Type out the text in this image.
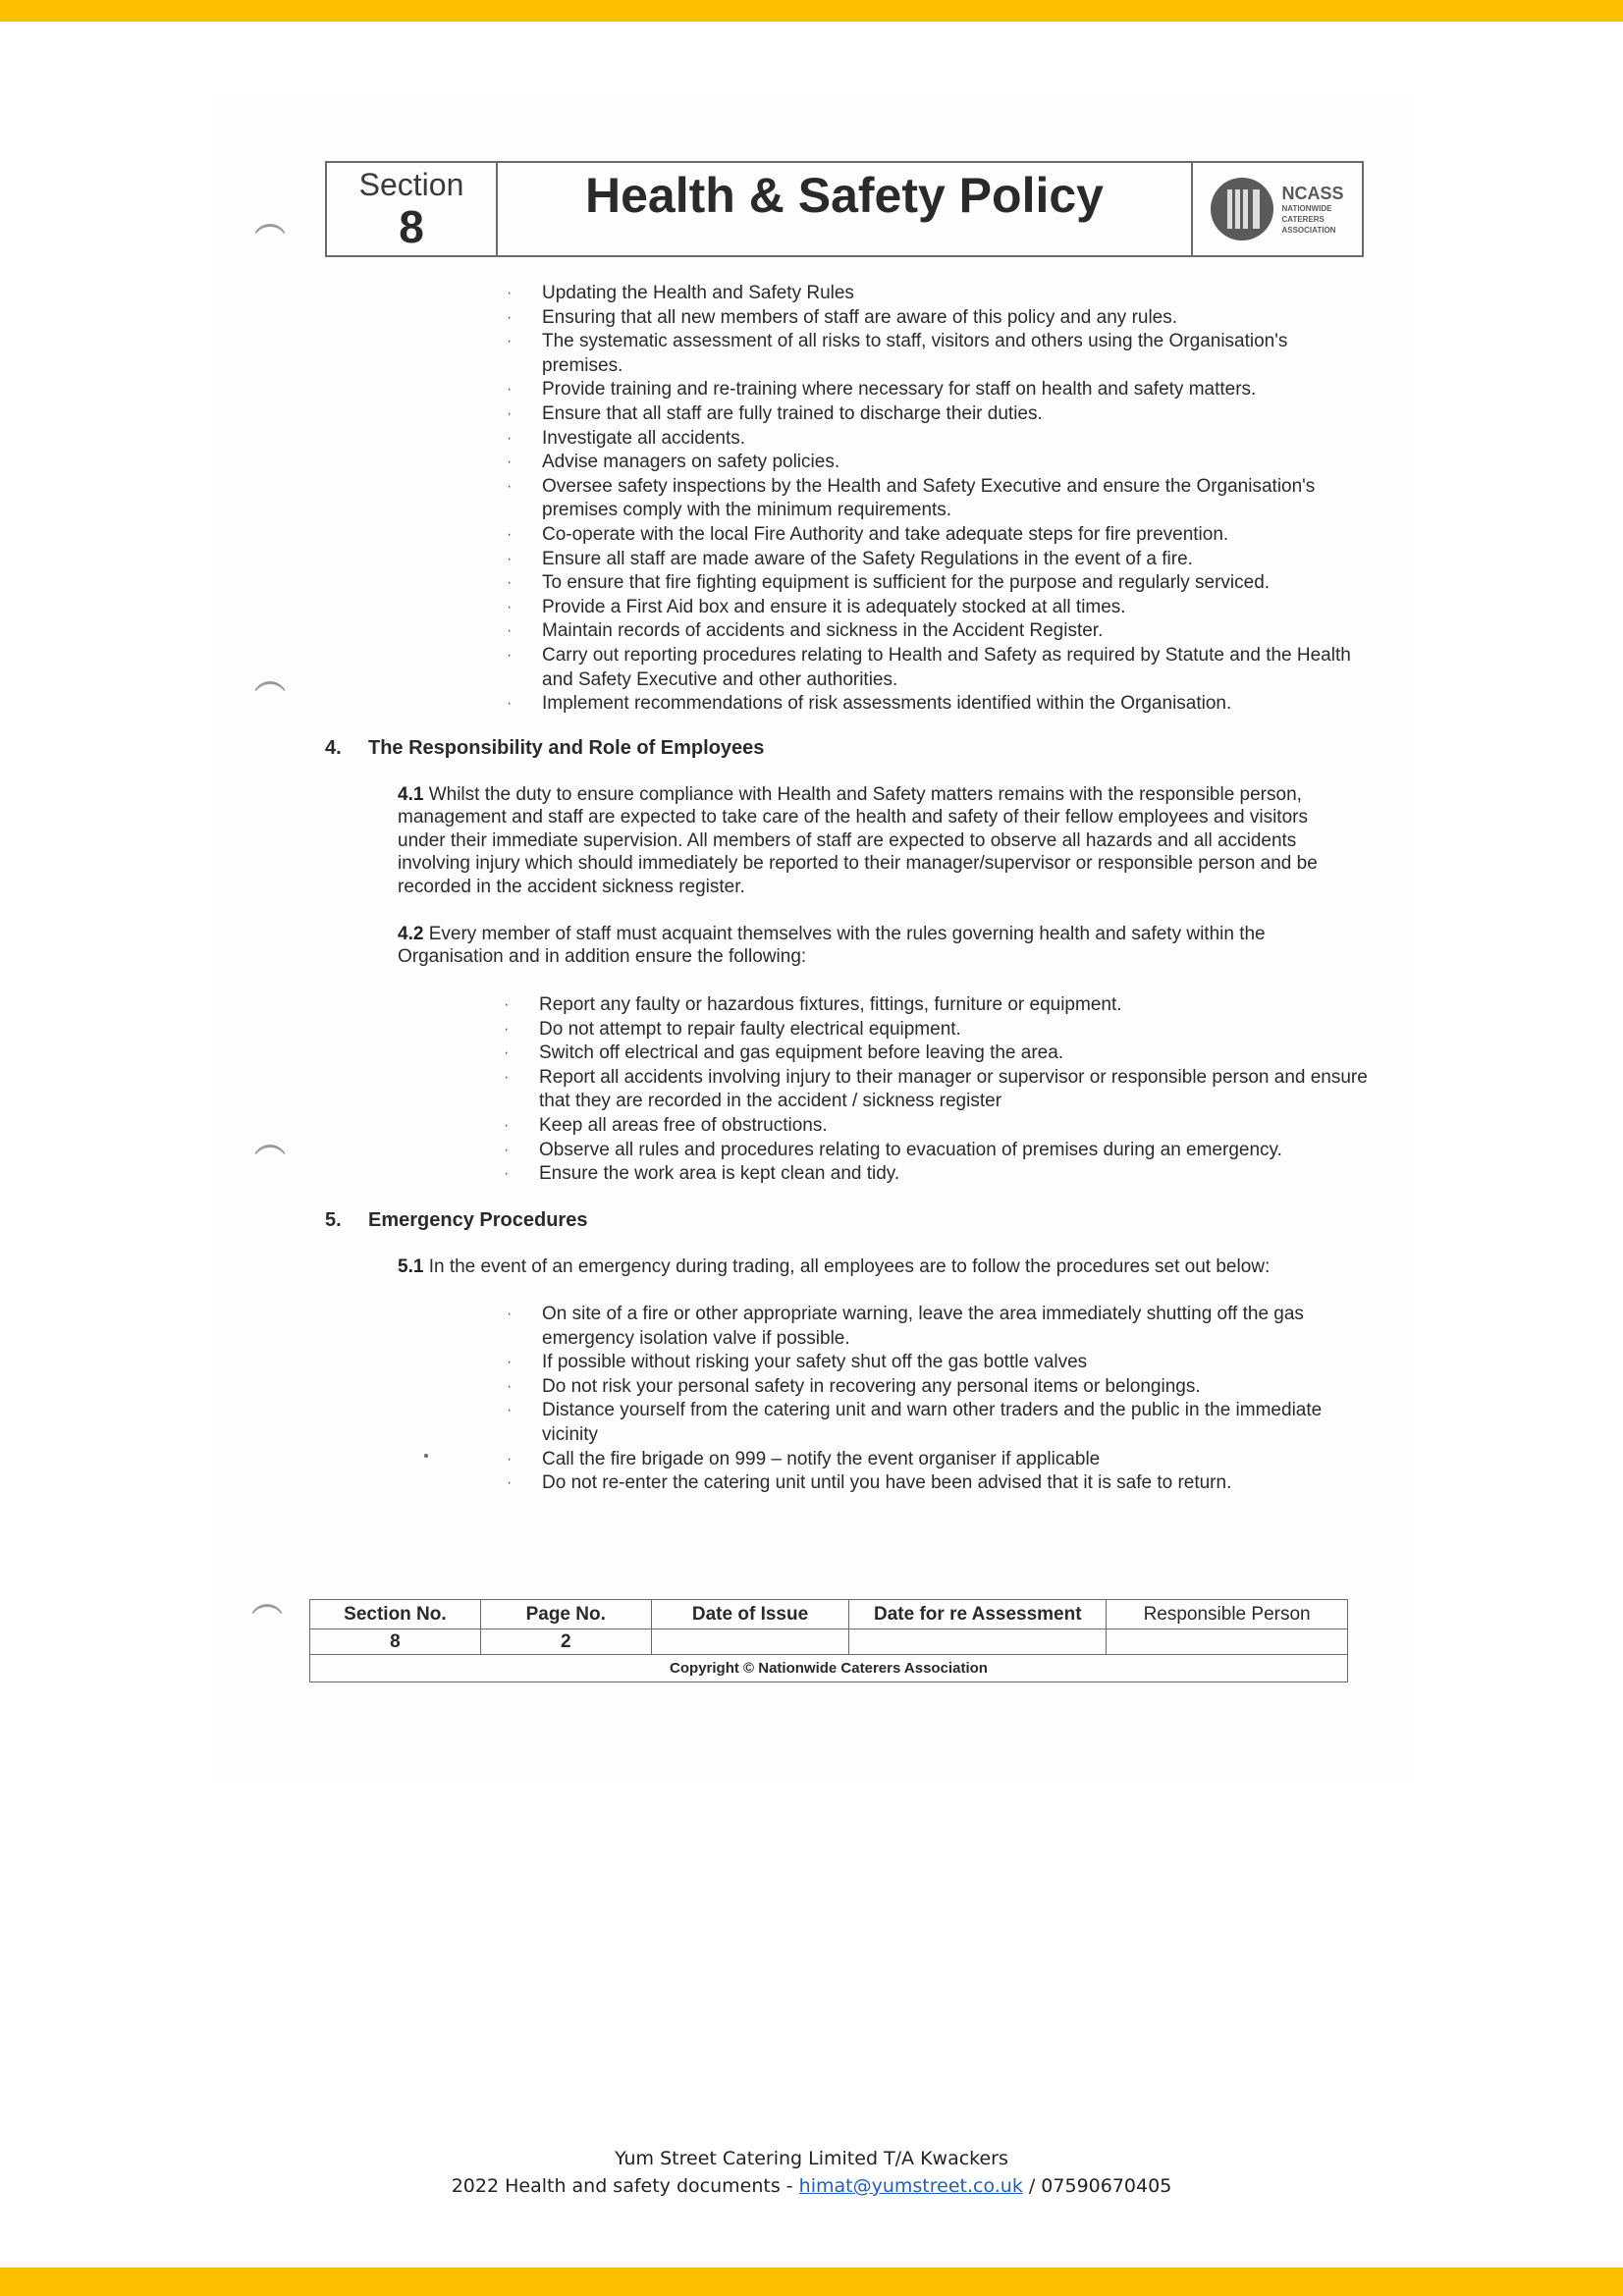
Section
8
Health & Safety Policy	NCASS
NATIONWIDE
CATERERS
ASSOCIATION
· Updating the Health and Safety Rules
· Ensuring that all new members of staff are aware of this policy and any rules.
· The systematic assessment of all risks to staff, visitors and others using the Organisation's premises.
· Provide training and re-training where necessary for staff on health and safety matters.
· Ensure that all staff are fully trained to discharge their duties.
· Investigate all accidents.
· Advise managers on safety policies.
· Oversee safety inspections by the Health and Safety Executive and ensure the Organisation's premises comply with the minimum requirements.
· Co-operate with the local Fire Authority and take adequate steps for fire prevention.
· Ensure all staff are made aware of the Safety Regulations in the event of a fire.
· To ensure that fire fighting equipment is sufficient for the purpose and regularly serviced.
· Provide a First Aid box and ensure it is adequately stocked at all times.
· Maintain records of accidents and sickness in the Accident Register.
· Carry out reporting procedures relating to Health and Safety as required by Statute and the Health and Safety Executive and other authorities.
· Implement recommendations of risk assessments identified within the Organisation.
4. The Responsibility and Role of Employees
4.1 Whilst the duty to ensure compliance with Health and Safety matters remains with the responsible person, management and staff are expected to take care of the health and safety of their fellow employees and visitors under their immediate supervision. All members of staff are expected to observe all hazards and all accidents involving injury which should immediately be reported to their manager/supervisor or responsible person and be recorded in the accident sickness register.
4.2 Every member of staff must acquaint themselves with the rules governing health and safety within the Organisation and in addition ensure the following:
· Report any faulty or hazardous fixtures, fittings, furniture or equipment.
· Do not attempt to repair faulty electrical equipment.
· Switch off electrical and gas equipment before leaving the area.
· Report all accidents involving injury to their manager or supervisor or responsible person and ensure that they are recorded in the accident / sickness register
· Keep all areas free of obstructions.
· Observe all rules and procedures relating to evacuation of premises during an emergency.
· Ensure the work area is kept clean and tidy.
5. Emergency Procedures
5.1 In the event of an emergency during trading, all employees are to follow the procedures set out below:
· On site of a fire or other appropriate warning, leave the area immediately shutting off the gas emergency isolation valve if possible.
· If possible without risking your safety shut off the gas bottle valves
· Do not risk your personal safety in recovering any personal items or belongings.
· Distance yourself from the catering unit and warn other traders and the public in the immediate vicinity
· Call the fire brigade on 999 – notify the event organiser if applicable
· Do not re-enter the catering unit until you have been advised that it is safe to return.
Section No.	Page No.	Date of Issue	Date for re Assessment	Responsible Person
8	2			
Copyright © Nationwide Caterers Association				
Yum Street Catering Limited T/A Kwackers
2022 Health and safety documents - himat@yumstreet.co.uk / 07590670405
